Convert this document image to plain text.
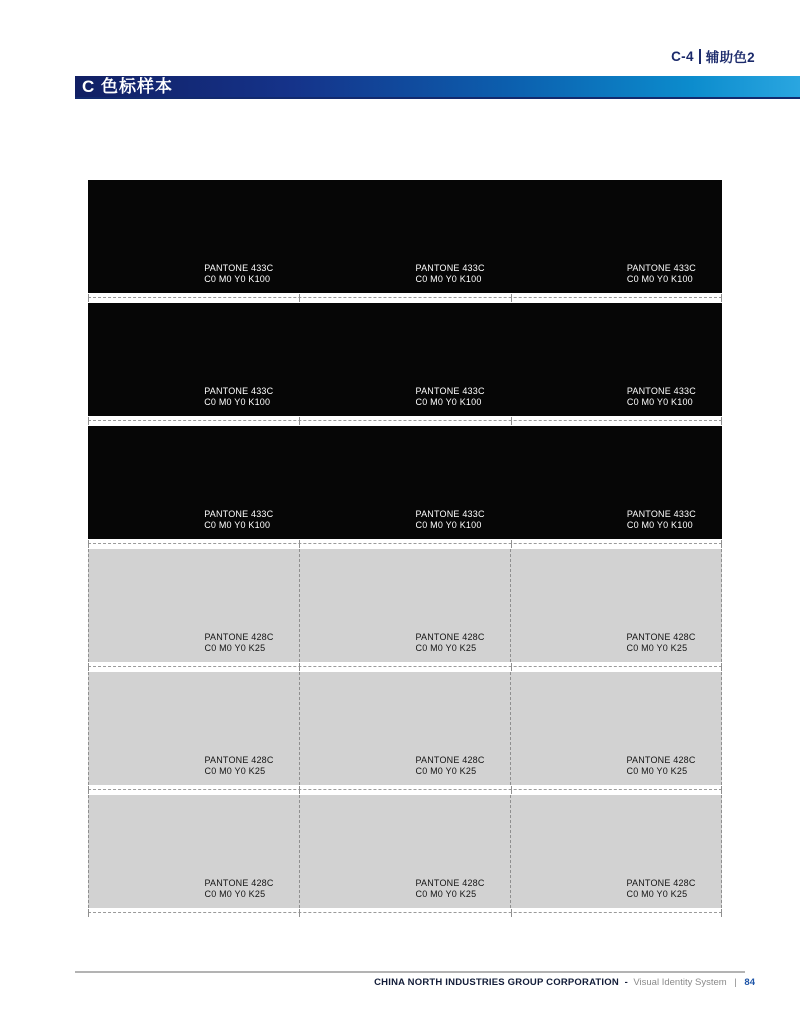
C-4 辅助色2
C 色标样本
PANTONE 433C
C0 M0 Y0 K100
PANTONE 433C
C0 M0 Y0 K100
PANTONE 433C
C0 M0 Y0 K100
PANTONE 433C
C0 M0 Y0 K100
PANTONE 433C
C0 M0 Y0 K100
PANTONE 433C
C0 M0 Y0 K100
PANTONE 433C
C0 M0 Y0 K100
PANTONE 433C
C0 M0 Y0 K100
PANTONE 433C
C0 M0 Y0 K100
PANTONE 428C
C0 M0 Y0 K25
PANTONE 428C
C0 M0 Y0 K25
PANTONE 428C
C0 M0 Y0 K25
PANTONE 428C
C0 M0 Y0 K25
PANTONE 428C
C0 M0 Y0 K25
PANTONE 428C
C0 M0 Y0 K25
PANTONE 428C
C0 M0 Y0 K25
PANTONE 428C
C0 M0 Y0 K25
PANTONE 428C
C0 M0 Y0 K25
CHINA NORTH INDUSTRIES GROUP CORPORATION - Visual Identity System | 84
